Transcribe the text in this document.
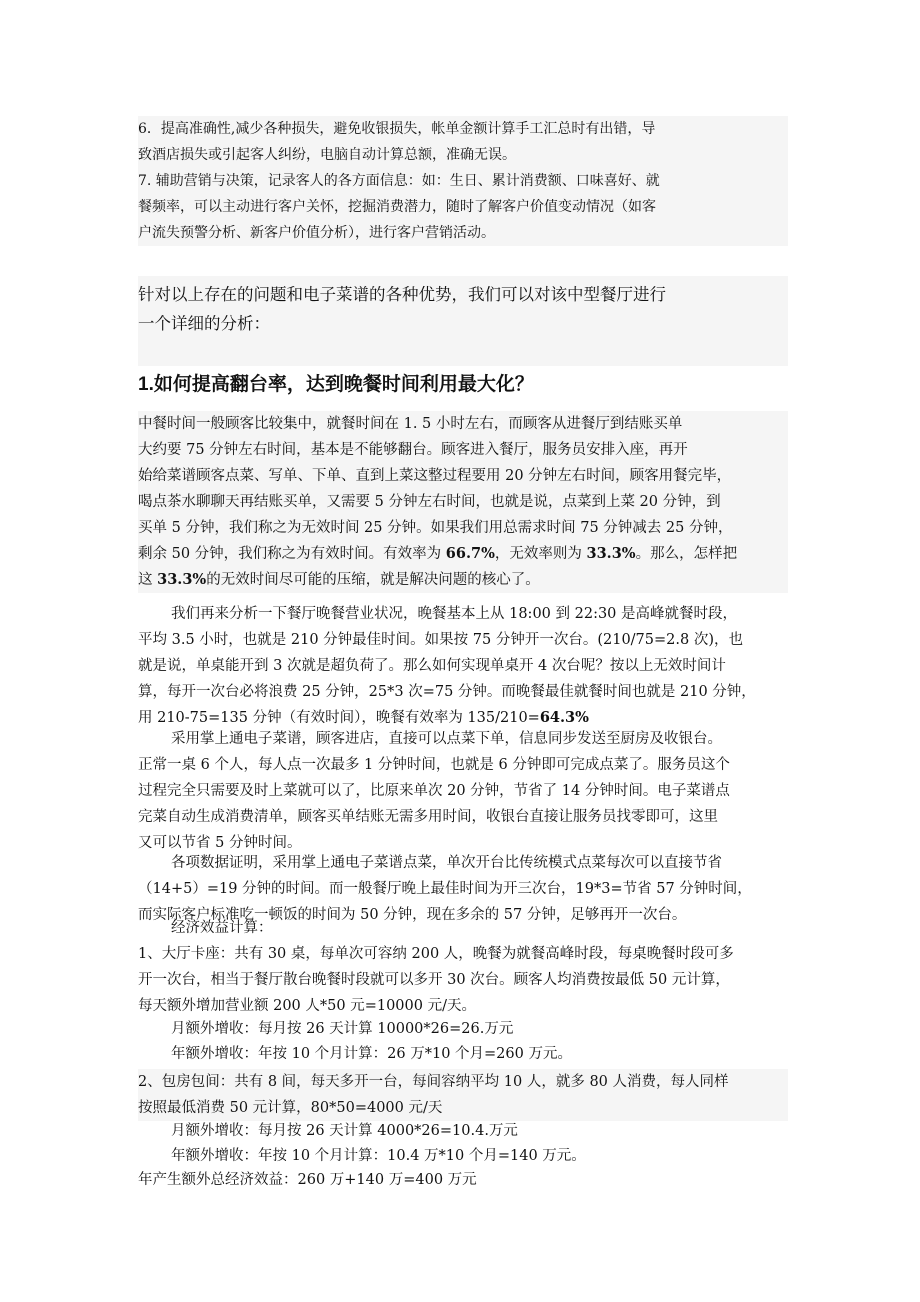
6．提高准确性,减少各种损失，避免收银损失，帐单金额计算手工汇总时有出错，导
致酒店损失或引起客人纠纷，电脑自动计算总额，准确无误。
7. 辅助营销与决策，记录客人的各方面信息：如：生日、累计消费额、口味喜好、就
餐频率，可以主动进行客户关怀，挖掘消费潜力，随时了解客户价值变动情况（如客
户流失预警分析、新客户价值分析），进行客户营销活动。
针对以上存在的问题和电子菜谱的各种优势，我们可以对该中型餐厅进行
一个详细的分析：
1.如何提高翻台率，达到晚餐时间利用最大化？
中餐时间一般顾客比较集中，就餐时间在 1. 5 小时左右，而顾客从进餐厅到结账买单
大约要 75 分钟左右时间，基本是不能够翻台。顾客进入餐厅，服务员安排入座，再开
始给菜谱顾客点菜、写单、下单、直到上菜这整过程要用 20 分钟左右时间，顾客用餐完毕，
喝点茶水聊聊天再结账买单，又需要 5 分钟左右时间，也就是说，点菜到上菜 20 分钟，到
买单 5 分钟，我们称之为无效时间 25 分钟。如果我们用总需求时间 75 分钟减去 25 分钟，
剩余 50 分钟，我们称之为有效时间。有效率为 66.7%，无效率则为 33.3%。那么，怎样把
这 33.3%的无效时间尽可能的压缩，就是解决问题的核心了。
我们再来分析一下餐厅晚餐营业状况，晚餐基本上从 18:00 到 22:30 是高峰就餐时段，
平均 3.5 小时，也就是 210 分钟最佳时间。如果按 75 分钟开一次台。(210/75=2.8 次)，也
就是说，单桌能开到 3 次就是超负荷了。那么如何实现单桌开 4 次台呢？按以上无效时间计
算，每开一次台必将浪费 25 分钟，25*3 次=75 分钟。而晚餐最佳就餐时间也就是 210 分钟，
用 210-75=135 分钟（有效时间），晚餐有效率为 135/210=64.3%
采用掌上通电子菜谱，顾客进店，直接可以点菜下单，信息同步发送至厨房及收银台。
正常一桌 6 个人，每人点一次最多 1 分钟时间，也就是 6 分钟即可完成点菜了。服务员这个
过程完全只需要及时上菜就可以了，比原来单次 20 分钟，节省了 14 分钟时间。电子菜谱点
完菜自动生成消费清单，顾客买单结账无需多用时间，收银台直接让服务员找零即可，这里
又可以节省 5 分钟时间。
各项数据证明，采用掌上通电子菜谱点菜，单次开台比传统模式点菜每次可以直接节省
（14+5）=19 分钟的时间。而一般餐厅晚上最佳时间为开三次台，19*3=节省 57 分钟时间，
而实际客户标准吃一顿饭的时间为 50 分钟，现在多余的 57 分钟，足够再开一次台。
经济效益计算：
1、大厅卡座：共有 30 桌，每单次可容纳 200 人，晚餐为就餐高峰时段，每桌晚餐时段可多
开一次台，相当于餐厅散台晚餐时段就可以多开 30 次台。顾客人均消费按最低 50 元计算，
每天额外增加营业额 200 人*50 元=10000 元/天。
月额外增收：每月按 26 天计算 10000*26=26.万元
年额外增收：年按 10 个月计算：26 万*10 个月=260 万元。
2、包房包间：共有 8 间，每天多开一台，每间容纳平均 10 人，就多 80 人消费，每人同样
按照最低消费 50 元计算，80*50=4000 元/天
月额外增收：每月按 26 天计算 4000*26=10.4.万元
年额外增收：年按 10 个月计算：10.4 万*10 个月=140 万元。
年产生额外总经济效益：260 万+140 万=400 万元
